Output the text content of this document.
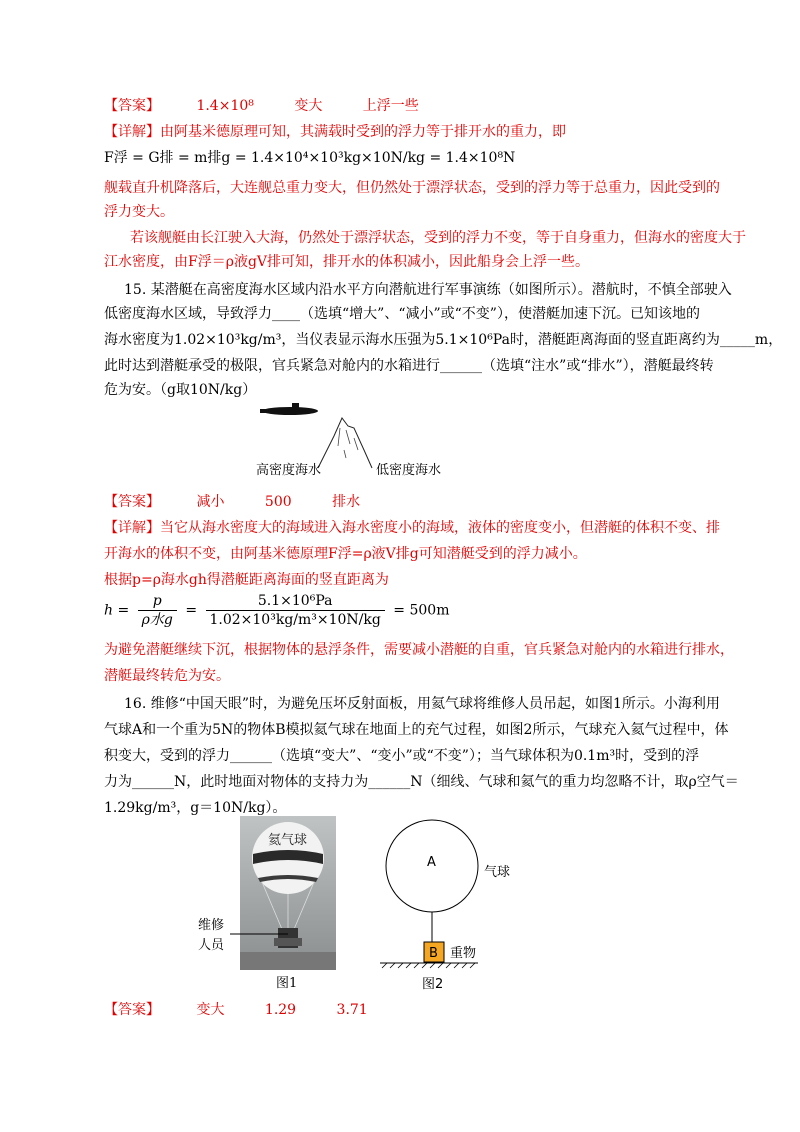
【答案】	1.4×10⁸	变大	上浮一些
【详解】由阿基米德原理可知，其满载时受到的浮力等于排开水的重力，即
F浮 = G排 = m排g = 1.4×10⁴×10³kg×10N/kg = 1.4×10⁸N
舰载直升机降落后，大连舰总重力变大，但仍然处于漂浮状态，受到的浮力等于总重力，因此受到的
浮力变大。
若该舰艇由长江驶入大海，仍然处于漂浮状态，受到的浮力不变，等于自身重力，但海水的密度大于
江水密度，由F浮＝ρ液gV排可知，排开水的体积减小，因此船身会上浮一些。
15. 某潜艇在高密度海水区域内沿水平方向潜航进行军事演练（如图所示）。潜航时，不慎全部驶入
低密度海水区域，导致浮力____（选填“增大”、“减小”或“不变”），使潜艇加速下沉。已知该地的
海水密度为1.02×10³kg/m³，当仪表显示海水压强为5.1×10⁶Pa时，潜艇距离海面的竖直距离约为_____m，
此时达到潜艇承受的极限，官兵紧急对舱内的水箱进行______（选填“注水”或“排水”），潜艇最终转
危为安。（g取10N/kg）
高密度海水	低密度海水
【答案】	减小	500	排水
【详解】当它从海水密度大的海域进入海水密度小的海域，液体的密度变小，但潜艇的体积不变、排
开海水的体积不变，由阿基米德原理F浮=ρ液V排g可知潜艇受到的浮力减小。
根据p=ρ海水gh得潜艇距离海面的竖直距离为
$h = \frac{p}{\text{ρ水g}} = \frac{\text{5.1×10⁶Pa}}{\text{1.02×10³kg/m³×10N/kg}} = 500m$
为避免潜艇继续下沉，根据物体的悬浮条件，需要减小潜艇的自重，官兵紧急对舱内的水箱进行排水，
潜艇最终转危为安。
16. 维修“中国天眼”时，为避免压坏反射面板，用氦气球将维修人员吊起，如图1所示。小海利用
气球A和一个重为5N的物体B模拟氦气球在地面上的充气过程，如图2所示，气球充入氦气过程中，体
积变大，受到的浮力______（选填“变大”、“变小”或“不变”）；当气球体积为0.1m³时，受到的浮
力为______N，此时地面对物体的支持力为______N（细线、气球和氦气的重力均忽略不计，取ρ空气＝
1.29kg/m³，g＝10N/kg）。
氦气球
维修
人员
图1
A
气球
B 重物
图2
【答案】	变大	1.29	3.71
